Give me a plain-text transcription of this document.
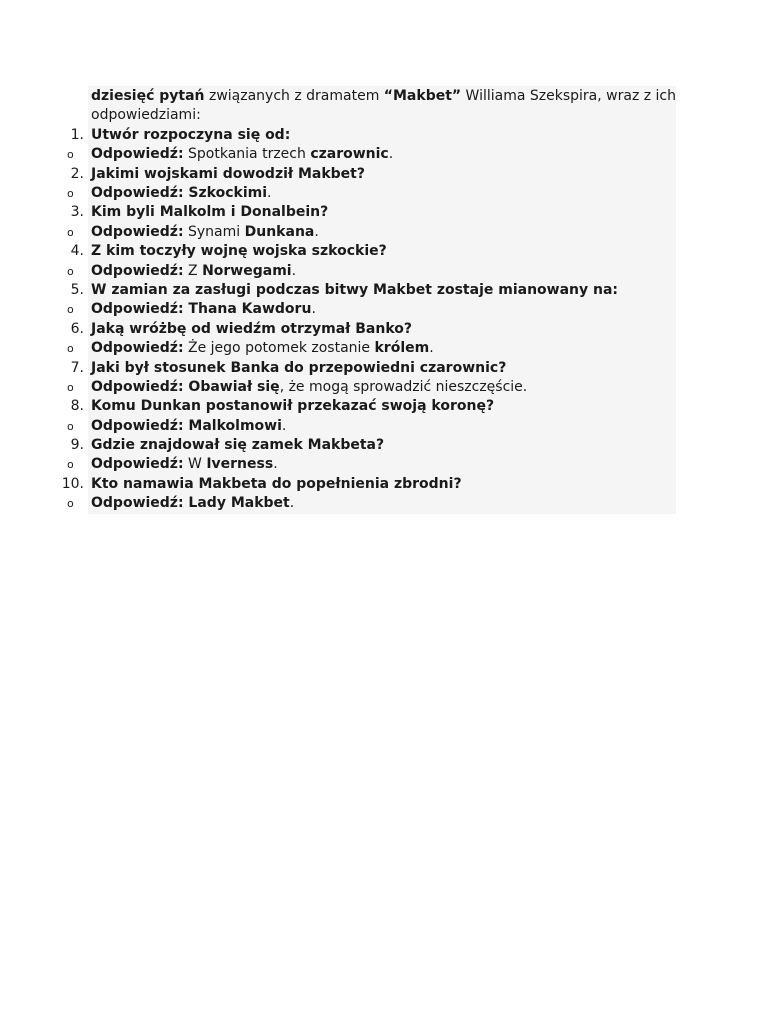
dziesięć pytań związanych z dramatem “Makbet” Williama Szekspira, wraz z ich odpowiedziami:

1. Utwór rozpoczyna się od:
o Odpowiedź: Spotkania trzech czarownic.
2. Jakimi wojskami dowodził Makbet?
o Odpowiedź: Szkockimi.
3. Kim byli Malkolm i Donalbein?
o Odpowiedź: Synami Dunkana.
4. Z kim toczyły wojnę wojska szkockie?
o Odpowiedź: Z Norwegami.
5. W zamian za zasługi podczas bitwy Makbet zostaje mianowany na:
o Odpowiedź: Thana Kawdoru.
6. Jaką wróżbę od wiedźm otrzymał Banko?
o Odpowiedź: Że jego potomek zostanie królem.
7. Jaki był stosunek Banka do przepowiedni czarownic?
o Odpowiedź: Obawiał się, że mogą sprowadzić nieszczęście.
8. Komu Dunkan postanowił przekazać swoją koronę?
o Odpowiedź: Malkolmowi.
9. Gdzie znajdował się zamek Makbeta?
o Odpowiedź: W Iverness.
10. Kto namawia Makbeta do popełnienia zbrodni?
o Odpowiedź: Lady Makbet.
